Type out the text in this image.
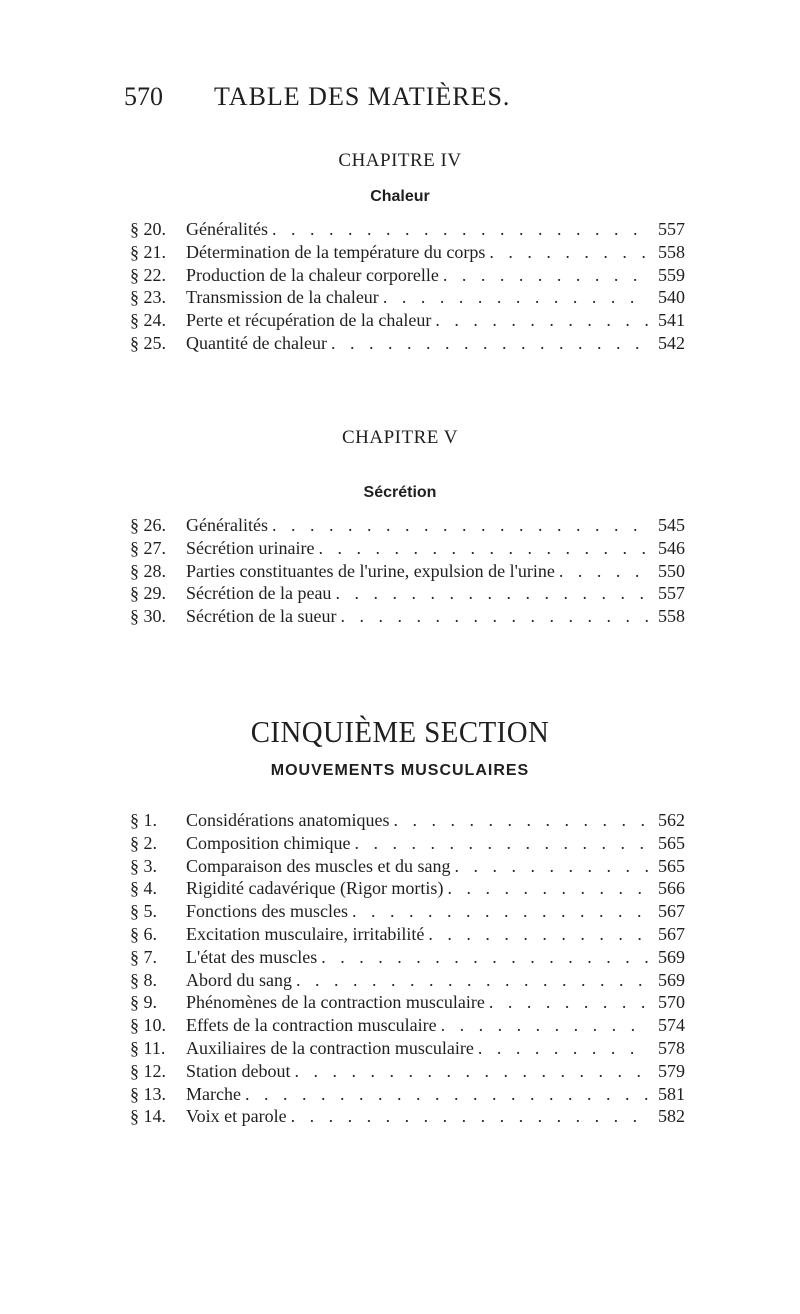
570 TABLE DES MATIÈRES.
CHAPITRE IV
Chaleur
§ 20.	Généralités . . .	557
§ 21.	Détermination de la température du corps . . .	558
§ 22.	Production de la chaleur corporelle . . .	559
§ 23.	Transmission de la chaleur . . .	540
§ 24.	Perte et récupération de la chaleur . . .	541
§ 25.	Quantité de chaleur . . .	542
CHAPITRE V
Sécrétion
§ 26.	Généralités . . .	545
§ 27.	Sécrétion urinaire . . .	546
§ 28.	Parties constituantes de l'urine, expulsion de l'urine . . .	550
§ 29.	Sécrétion de la peau . . .	557
§ 30.	Sécrétion de la sueur . . .	558
CINQUIÈME SECTION
MOUVEMENTS MUSCULAIRES
§ 1.	Considérations anatomiques . . .	562
§ 2.	Composition chimique . . .	565
§ 3.	Comparaison des muscles et du sang . . .	565
§ 4.	Rigidité cadavérique (Rigor mortis) . . .	566
§ 5.	Fonctions des muscles . . .	567
§ 6.	Excitation musculaire, irritabilité . . .	567
§ 7.	L'état des muscles . . .	569
§ 8.	Abord du sang . . .	569
§ 9.	Phénomènes de la contraction musculaire . . .	570
§ 10.	Effets de la contraction musculaire . . .	574
§ 11.	Auxiliaires de la contraction musculaire . . .	578
§ 12.	Station debout . . .	579
§ 13.	Marche . . .	581
§ 14.	Voix et parole . . .	582
